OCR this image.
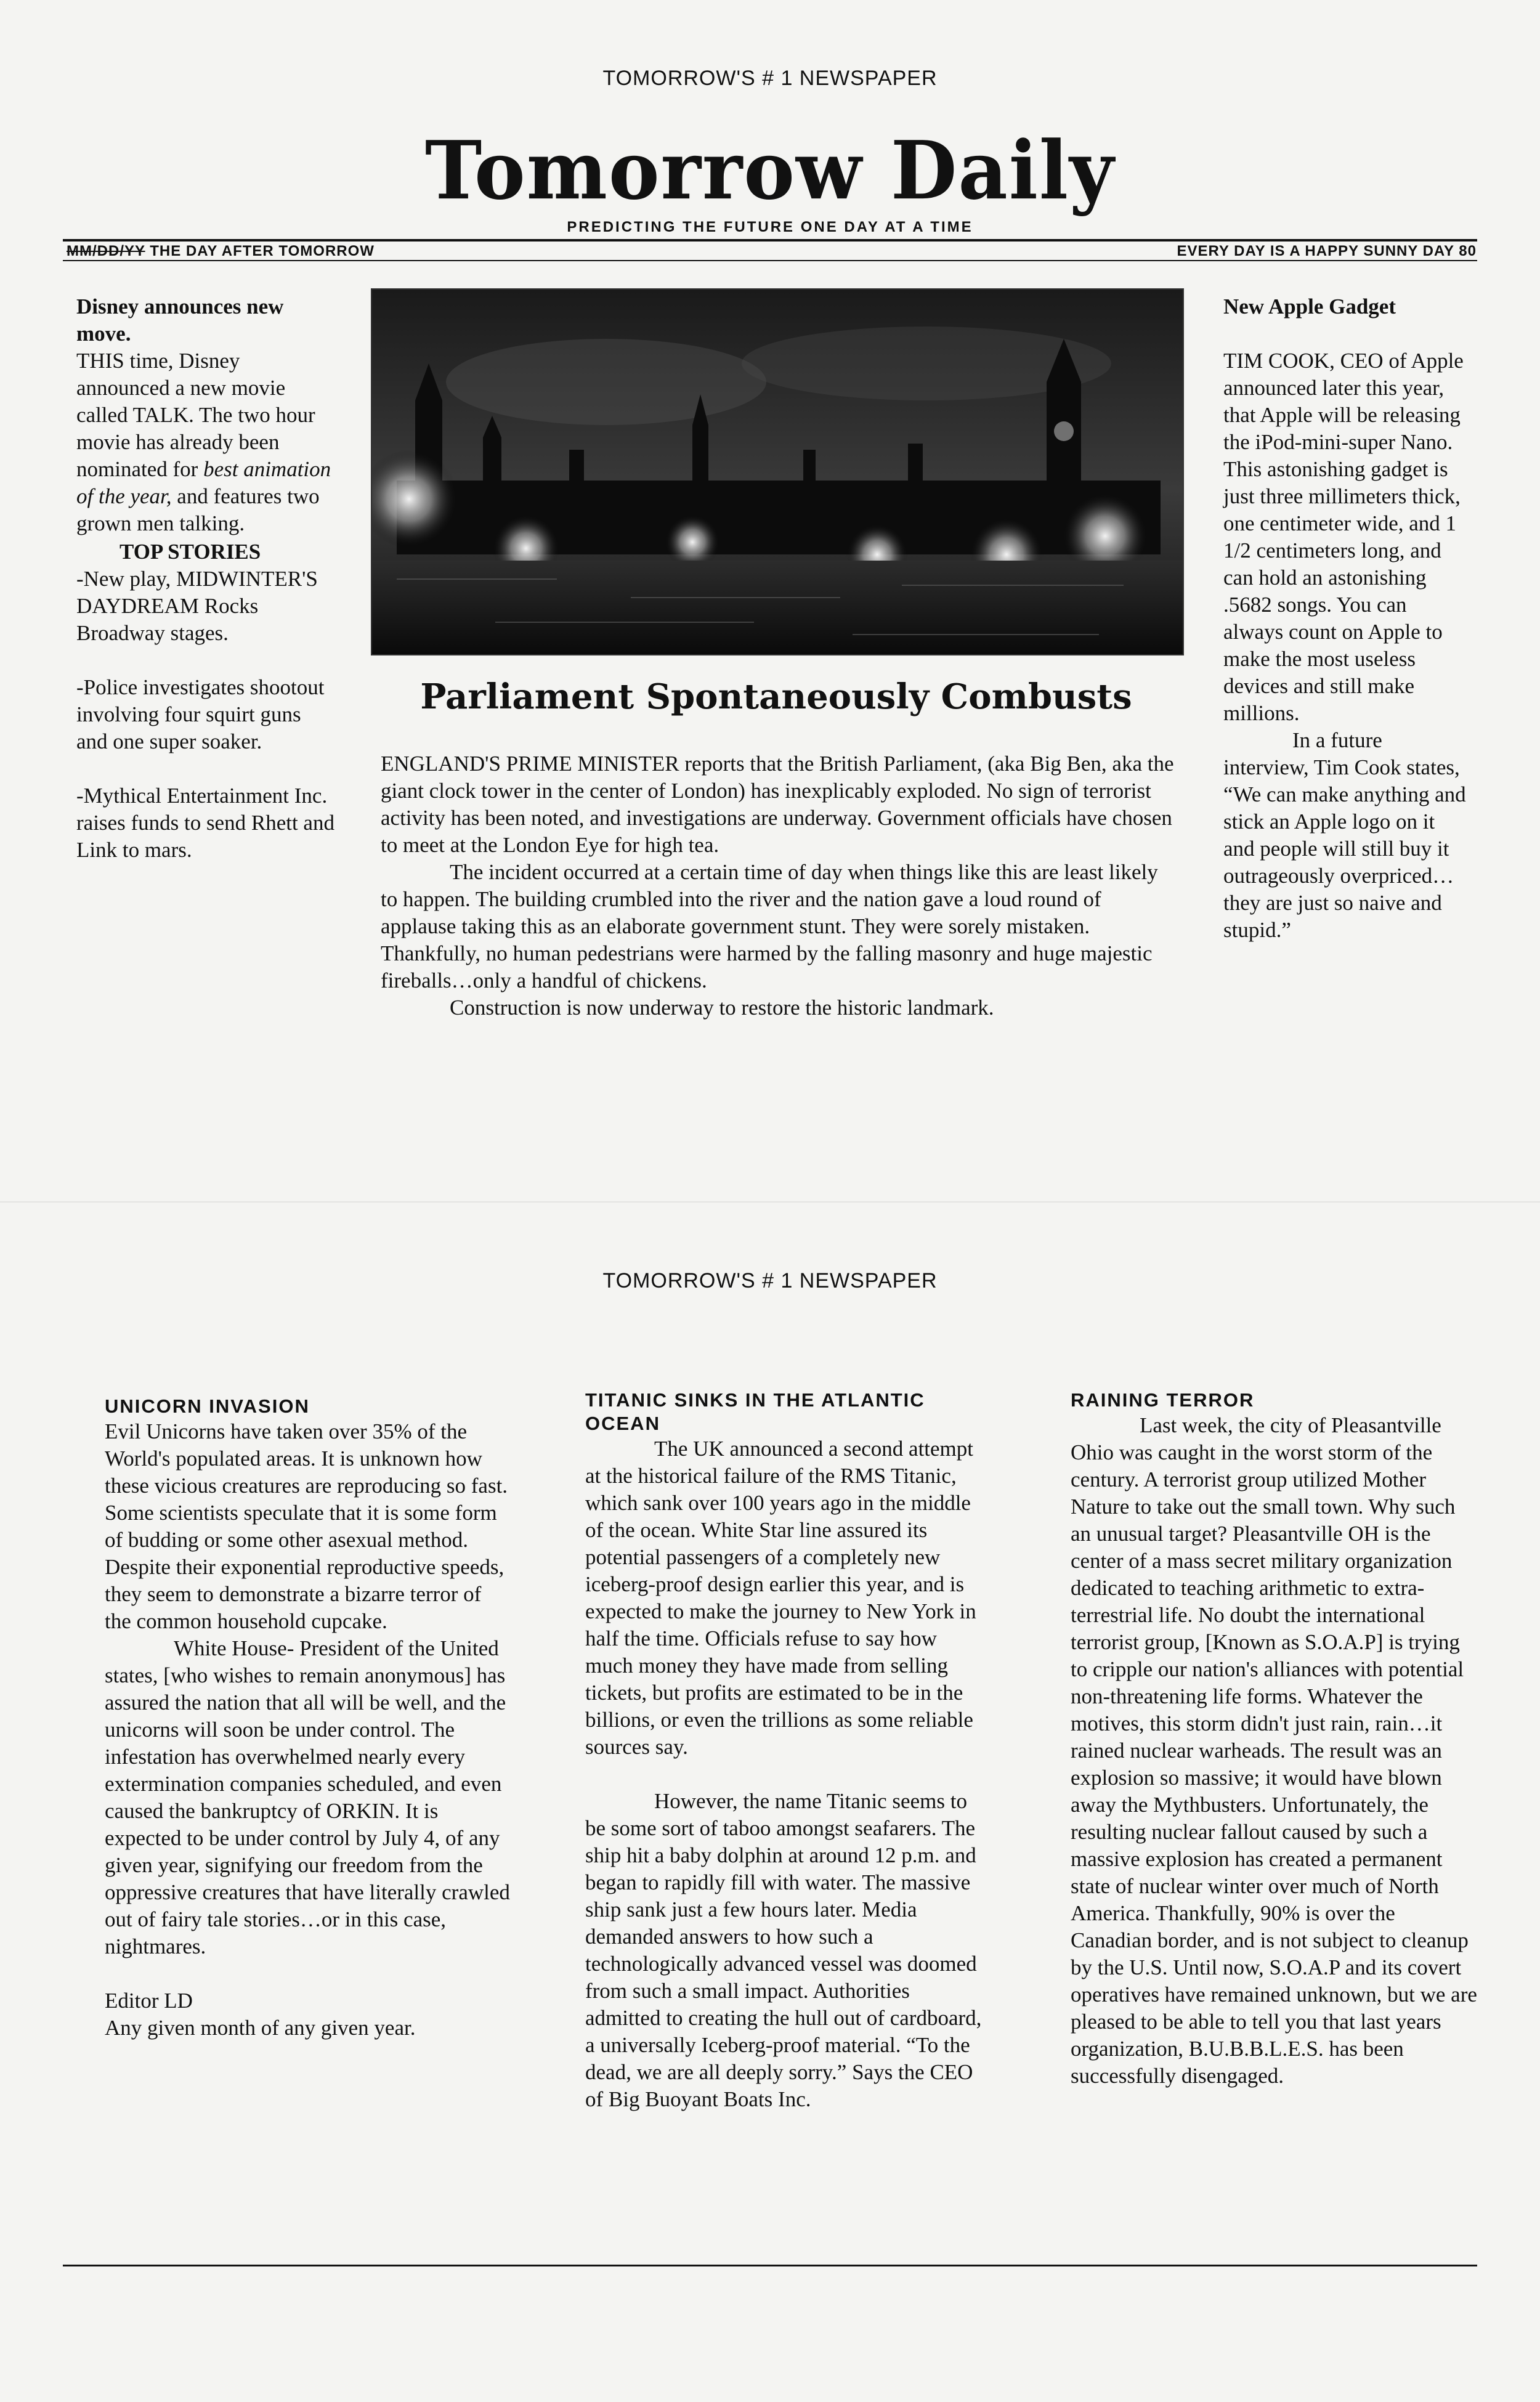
TOMORROW'S # 1 NEWSPAPER
Tomorrow Daily
PREDICTING THE FUTURE ONE DAY AT A TIME
MM/DD/YY THE DAY AFTER TOMORROW	EVERY DAY IS A HAPPY SUNNY DAY 80
Disney announces new move.

THIS time, Disney announced a new movie called TALK. The two hour movie has already been nominated for best animation of the year, and features two grown men talking.

TOP STORIES

-New play, MIDWINTER'S DAYDREAM Rocks Broadway stages.

-Police investigates shootout involving four squirt guns and one super soaker.

-Mythical Entertainment Inc. raises funds to send Rhett and Link to mars.

Parliament Spontaneously Combusts

ENGLAND'S PRIME MINISTER reports that the British Parliament, (aka Big Ben, aka the giant clock tower in the center of London) has inexplicably exploded. No sign of terrorist activity has been noted, and investigations are underway. Government officials have chosen to meet at the London Eye for high tea.

The incident occurred at a certain time of day when things like this are least likely to happen. The building crumbled into the river and the nation gave a loud round of applause taking this as an elaborate government stunt. They were sorely mistaken. Thankfully, no human pedestrians were harmed by the falling masonry and huge majestic fireballs…only a handful of chickens.

Construction is now underway to restore the historic landmark.

New Apple Gadget

TIM COOK, CEO of Apple announced later this year, that Apple will be releasing the iPod-mini-super Nano. This astonishing gadget is just three millimeters thick, one centimeter wide, and 1 1/2 centimeters long, and can hold an astonishing .5682 songs. You can always count on Apple to make the most useless devices and still make millions.

In a future interview, Tim Cook states, “We can make anything and stick an Apple logo on it and people will still buy it outrageously overpriced…they are just so naive and stupid.”

TOMORROW'S # 1 NEWSPAPER
UNICORN INVASION

Evil Unicorns have taken over 35% of the World's populated areas. It is unknown how these vicious creatures are reproducing so fast. Some scientists speculate that it is some form of budding or some other asexual method. Despite their exponential reproductive speeds, they seem to demonstrate a bizarre terror of the common household cupcake.

White House- President of the United states, [who wishes to remain anonymous] has assured the nation that all will be well, and the unicorns will soon be under control. The infestation has overwhelmed nearly every extermination companies scheduled, and even caused the bankruptcy of ORKIN. It is expected to be under control by July 4, of any given year, signifying our freedom from the oppressive creatures that have literally crawled out of fairy tale stories…or in this case, nightmares.

Editor LD

Any given month of any given year.

TITANIC SINKS IN THE ATLANTIC OCEAN

The UK announced a second attempt at the historical failure of the RMS Titanic, which sank over 100 years ago in the middle of the ocean. White Star line assured its potential passengers of a completely new iceberg-proof design earlier this year, and is expected to make the journey to New York in half the time. Officials refuse to say how much money they have made from selling tickets, but profits are estimated to be in the billions, or even the trillions as some reliable sources say.

However, the name Titanic seems to be some sort of taboo amongst seafarers. The ship hit a baby dolphin at around 12 p.m. and began to rapidly fill with water. The massive ship sank just a few hours later. Media demanded answers to how such a technologically advanced vessel was doomed from such a small impact. Authorities admitted to creating the hull out of cardboard, a universally Iceberg-proof material. “To the dead, we are all deeply sorry.” Says the CEO of Big Buoyant Boats Inc.

RAINING TERROR

Last week, the city of Pleasantville Ohio was caught in the worst storm of the century. A terrorist group utilized Mother Nature to take out the small town. Why such an unusual target? Pleasantville OH is the center of a mass secret military organization dedicated to teaching arithmetic to extra-terrestrial life. No doubt the international terrorist group, [Known as S.O.A.P] is trying to cripple our nation's alliances with potential non-threatening life forms. Whatever the motives, this storm didn't just rain, rain…it rained nuclear warheads. The result was an explosion so massive; it would have blown away the Mythbusters. Unfortunately, the resulting nuclear fallout caused by such a massive explosion has created a permanent state of nuclear winter over much of North America. Thankfully, 90% is over the Canadian border, and is not subject to cleanup by the U.S. Until now, S.O.A.P and its covert operatives have remained unknown, but we are pleased to be able to tell you that last years organization, B.U.B.B.L.E.S. has been successfully disengaged.
